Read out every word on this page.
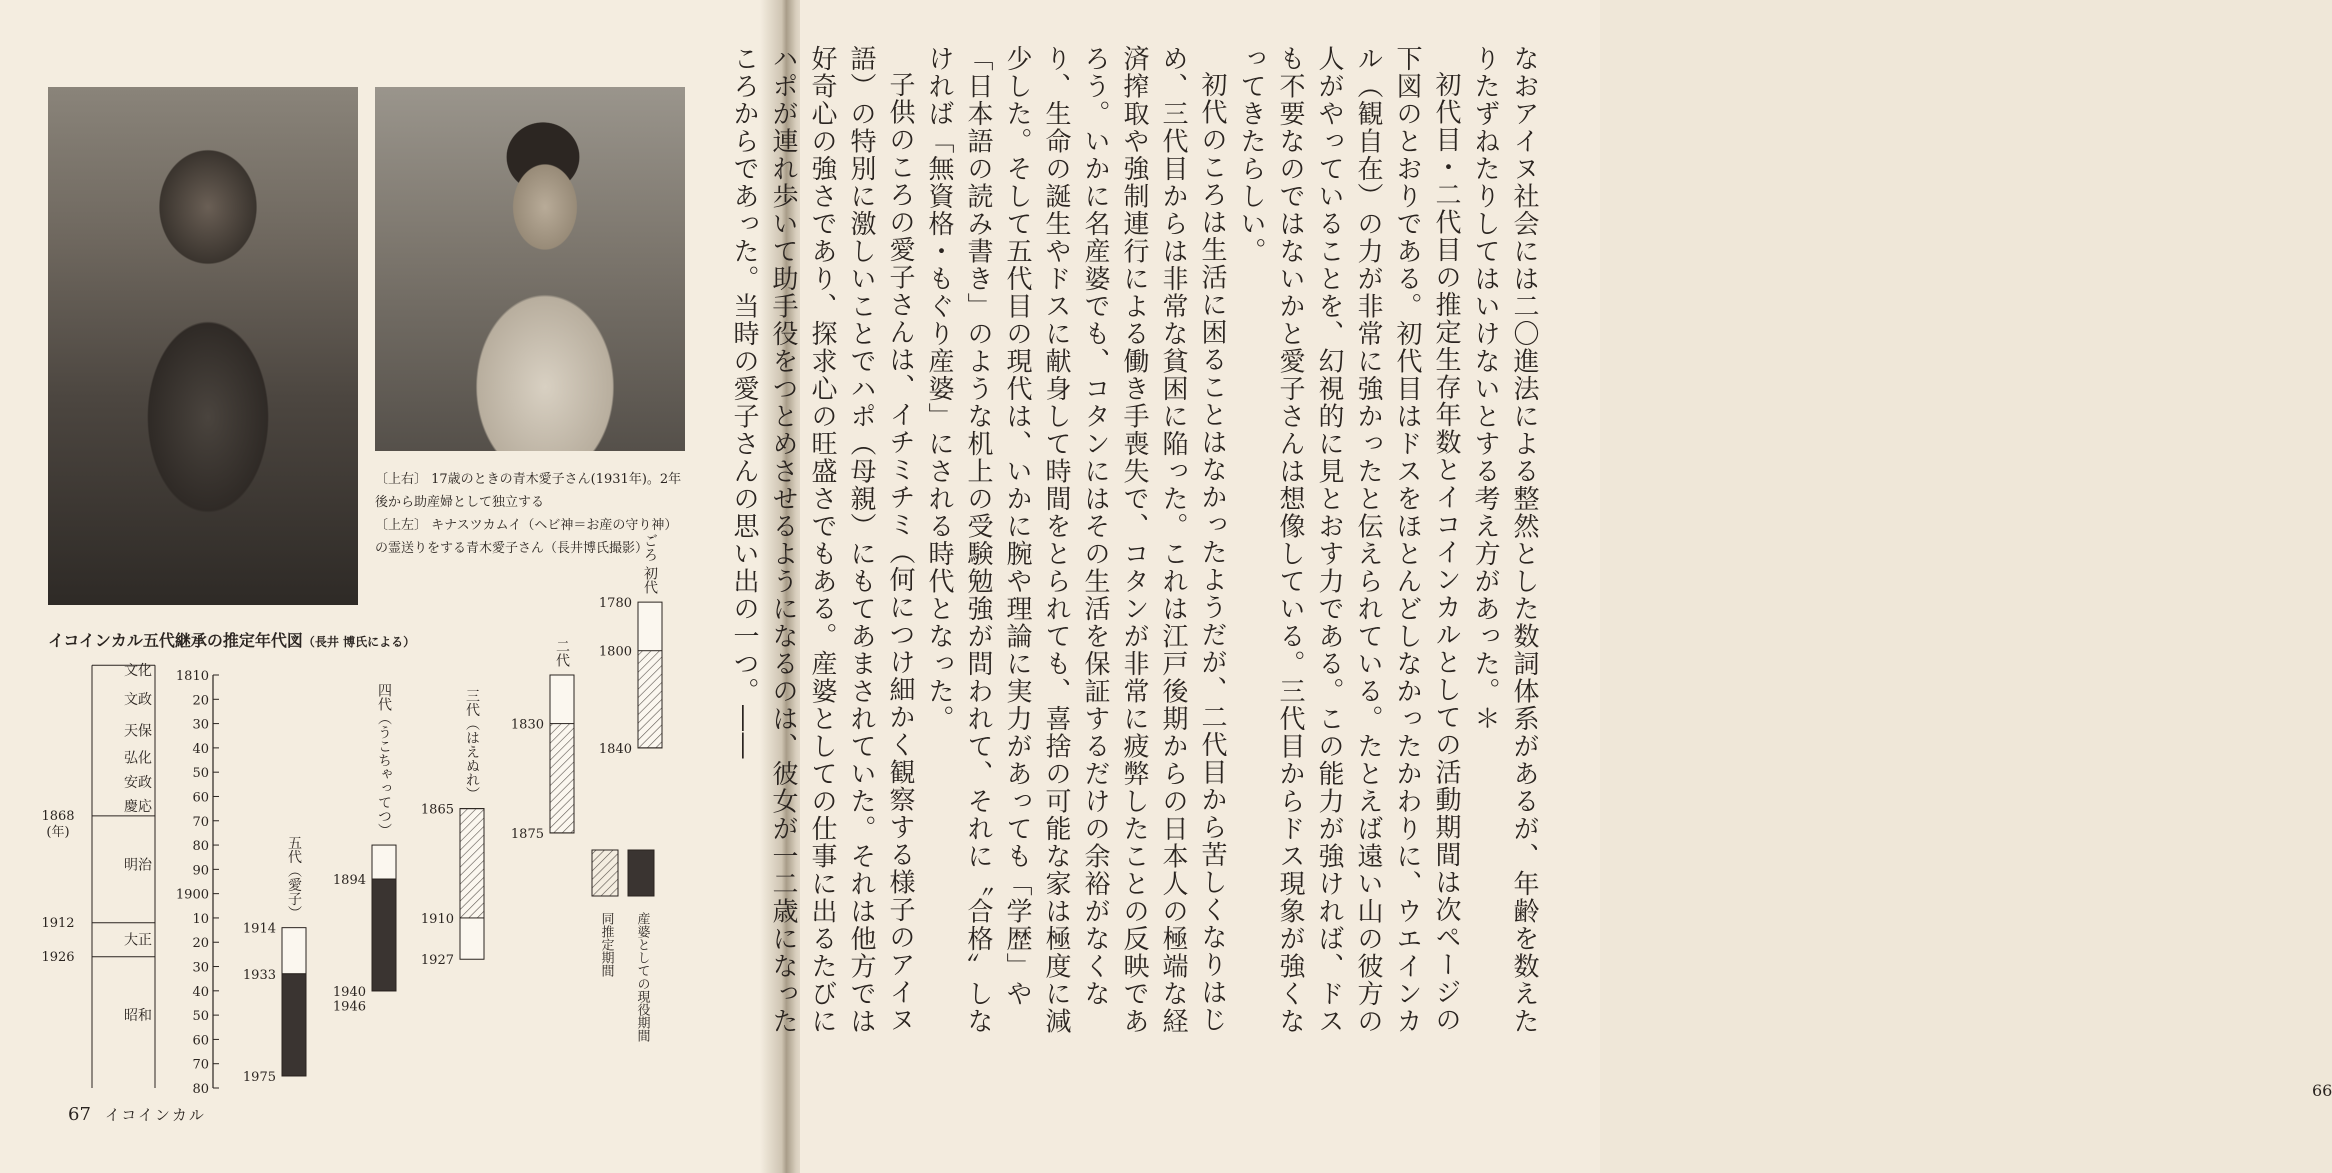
〔上右〕 17歳のときの青木愛子さん(1931年)。2年後から助産婦として独立する

〔上左〕 キナスツカムイ（ヘビ神＝お産の守り神）の霊送りをする青木愛子さん（長井博氏撮影）

イコインカル五代継承の推定年代図（長井 博氏による）
文化
文政
天保
弘化
安政
慶応
明治
大正
昭和
1868
(年)
1912
1926
1810
20
30
40
50
60
70
80
90
1900
10
20
30
40
50
60
70
80
ごろ 初代
1780
1800
1840
二代
1830
1875
三代（はえぬれ）
1865
1910
1927
四代（うこちゃってつ）
1894
1940
1946
五代（愛子）
1914
1933
1975
同推定期間 産婆としての現役期間
67 イコインカル
66

なおアイヌ社会には二〇進法による整然とした数詞体系があるが、年齢を数えたりたずねたりしてはいけないとする考え方があった。＊

初代目・二代目の推定生存年数とイコインカルとしての活動期間は次ページの下図のとおりである。初代目はドスをほとんどしなかったかわりに、ウエインカル（観自在）の力が非常に強かったと伝えられている。たとえば遠い山の彼方の人がやっていることを、幻視的に見とおす力である。この能力が強ければ、ドスも不要なのではないかと愛子さんは想像している。三代目からドス現象が強くなってきたらしい。

初代のころは生活に困ることはなかったようだが、二代目から苦しくなりはじめ、三代目からは非常な貧困に陥った。これは江戸後期からの日本人の極端な経済搾取や強制連行による働き手喪失で、コタンが非常に疲弊したことの反映であろう。いかに名産婆でも、コタンにはその生活を保証するだけの余裕がなくなり、生命の誕生やドスに献身して時間をとられても、喜捨の可能な家は極度に減少した。そして五代目の現代は、いかに腕や理論に実力があっても「学歴」や「日本語の読み書き」のような机上の受験勉強が問われて、それに〝合格〟しなければ「無資格・もぐり産婆」にされる時代となった。

子供のころの愛子さんは、イチミチミ（何につけ細かく観察する様子のアイヌ語）の特別に激しいことでハポ（母親）にもてあまされていた。それは他方では好奇心の強さであり、探求心の旺盛さでもある。産婆としての仕事に出るたびにハポが連れ歩いて助手役をつとめさせるようになるのは、彼女が一二歳になったころからであった。当時の愛子さんの思い出の一つ。――
